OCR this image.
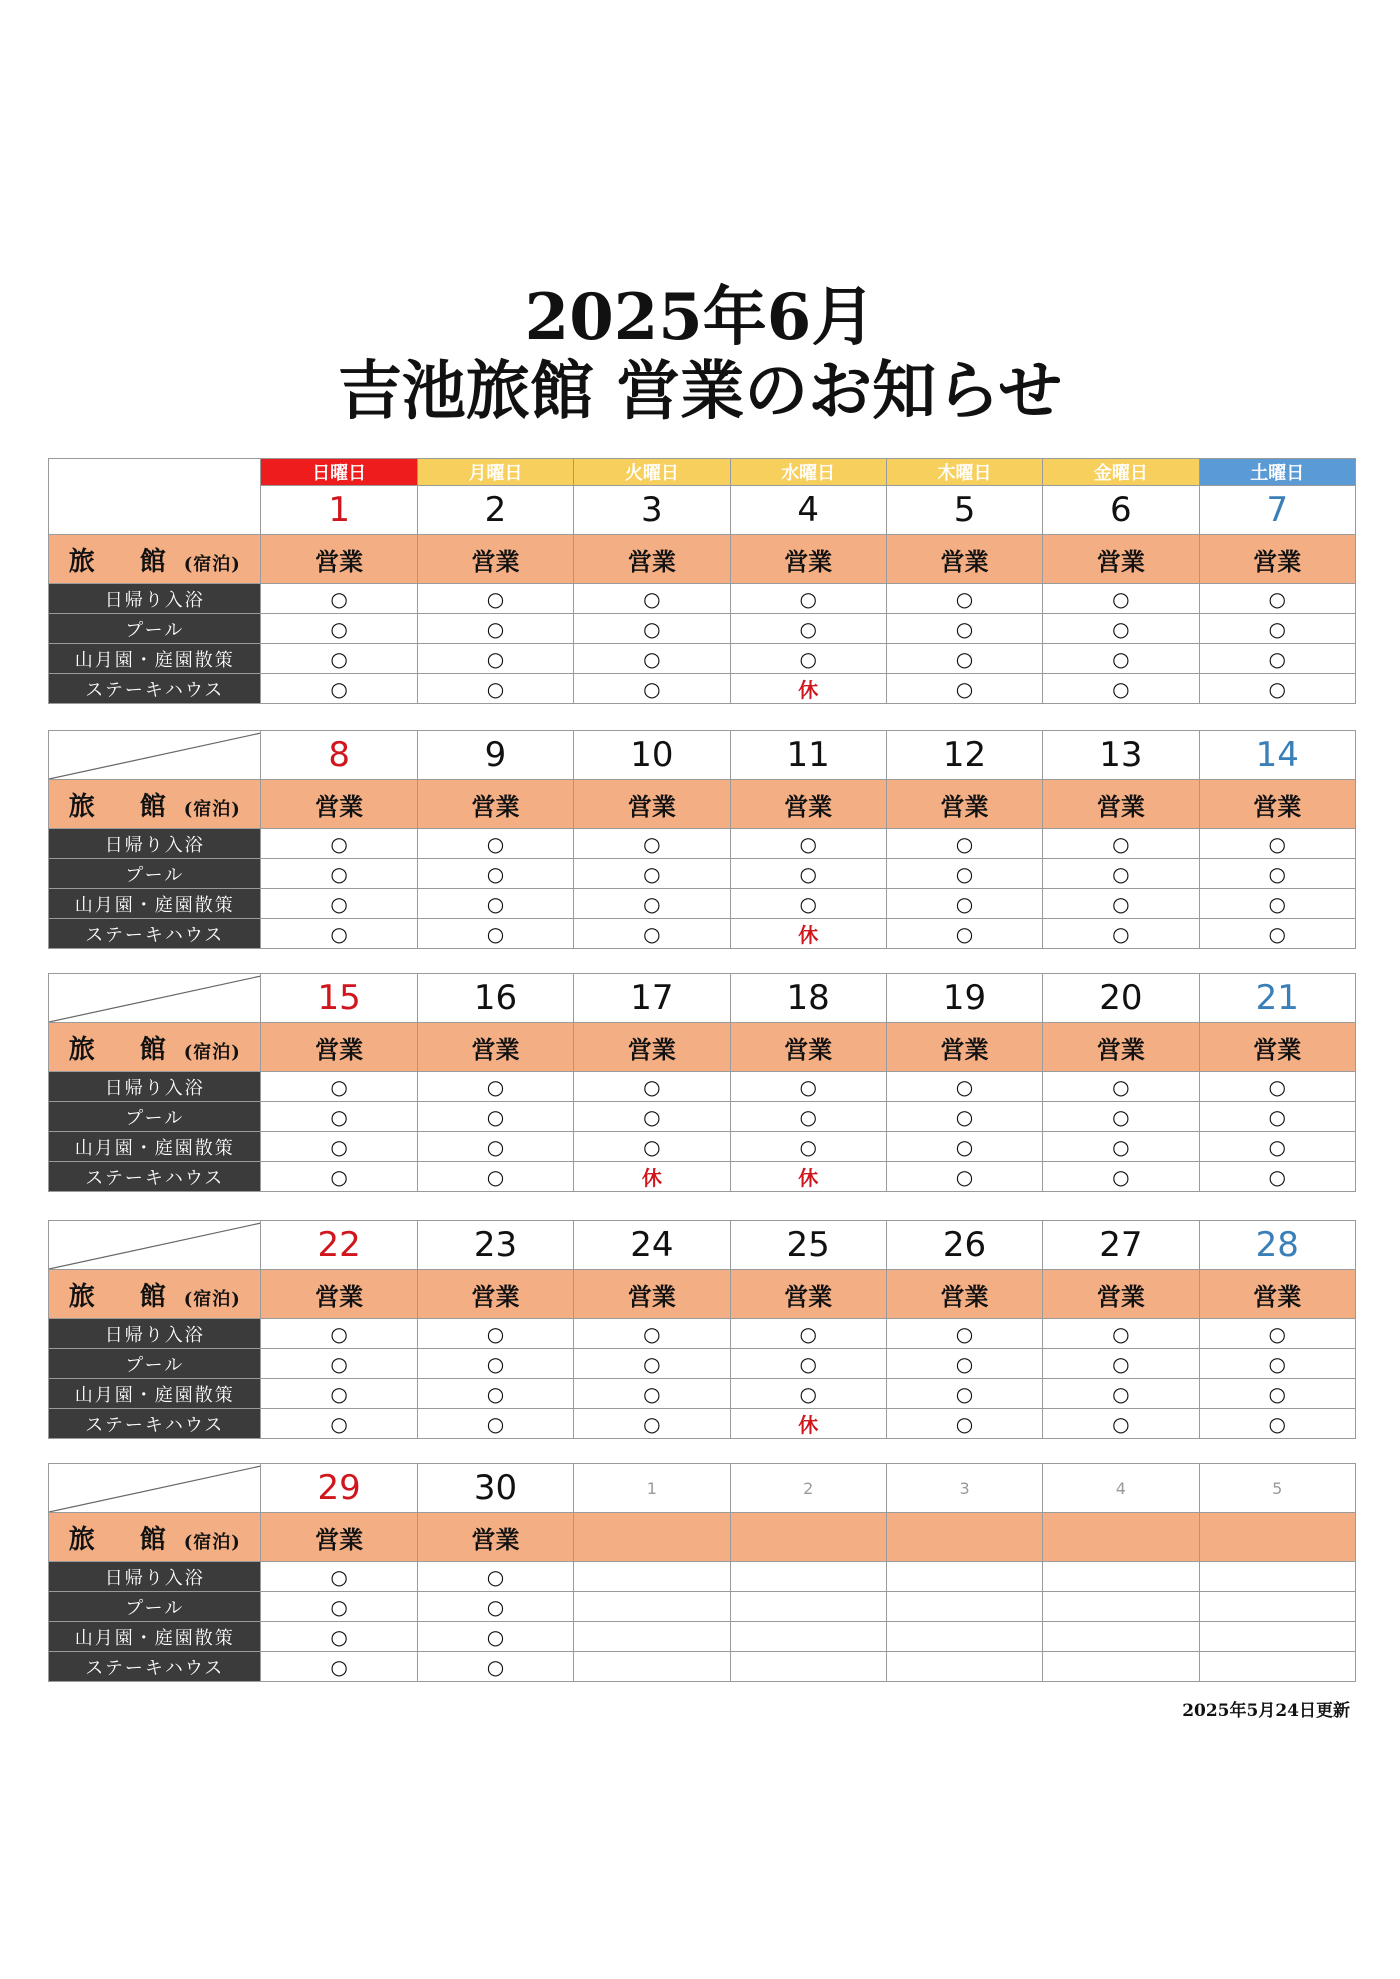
2025年6月
吉池旅館 営業のお知らせ
2025年
6月	日曜日	月曜日	火曜日	水曜日	木曜日	金曜日	土曜日
	1	2	3	4	5	6	7
旅 館(宿泊)	営業	営業	営業	営業	営業	営業	営業
日帰り入浴	○	○	○	○	○	○	○
プール	○	○	○	○	○	○	○
山月園・庭園散策	○	○	○	○	○	○	○
ステーキハウス	○	○	○	休	○	○	○
	8	9	10	11	12	13	14
旅 館(宿泊)	営業	営業	営業	営業	営業	営業	営業
日帰り入浴	○	○	○	○	○	○	○
プール	○	○	○	○	○	○	○
山月園・庭園散策	○	○	○	○	○	○	○
ステーキハウス	○	○	○	休	○	○	○
	15	16	17	18	19	20	21
旅 館(宿泊)	営業	営業	営業	営業	営業	営業	営業
日帰り入浴	○	○	○	○	○	○	○
プール	○	○	○	○	○	○	○
山月園・庭園散策	○	○	○	○	○	○	○
ステーキハウス	○	○	休	休	○	○	○
	22	23	24	25	26	27	28
旅 館(宿泊)	営業	営業	営業	営業	営業	営業	営業
日帰り入浴	○	○	○	○	○	○	○
プール	○	○	○	○	○	○	○
山月園・庭園散策	○	○	○	○	○	○	○
ステーキハウス	○	○	○	休	○	○	○
	29	30	1	2	3	4	5
旅 館(宿泊)	営業	営業					
日帰り入浴	○	○					
プール	○	○					
山月園・庭園散策	○	○					
ステーキハウス	○	○					
2025年5月24日更新
